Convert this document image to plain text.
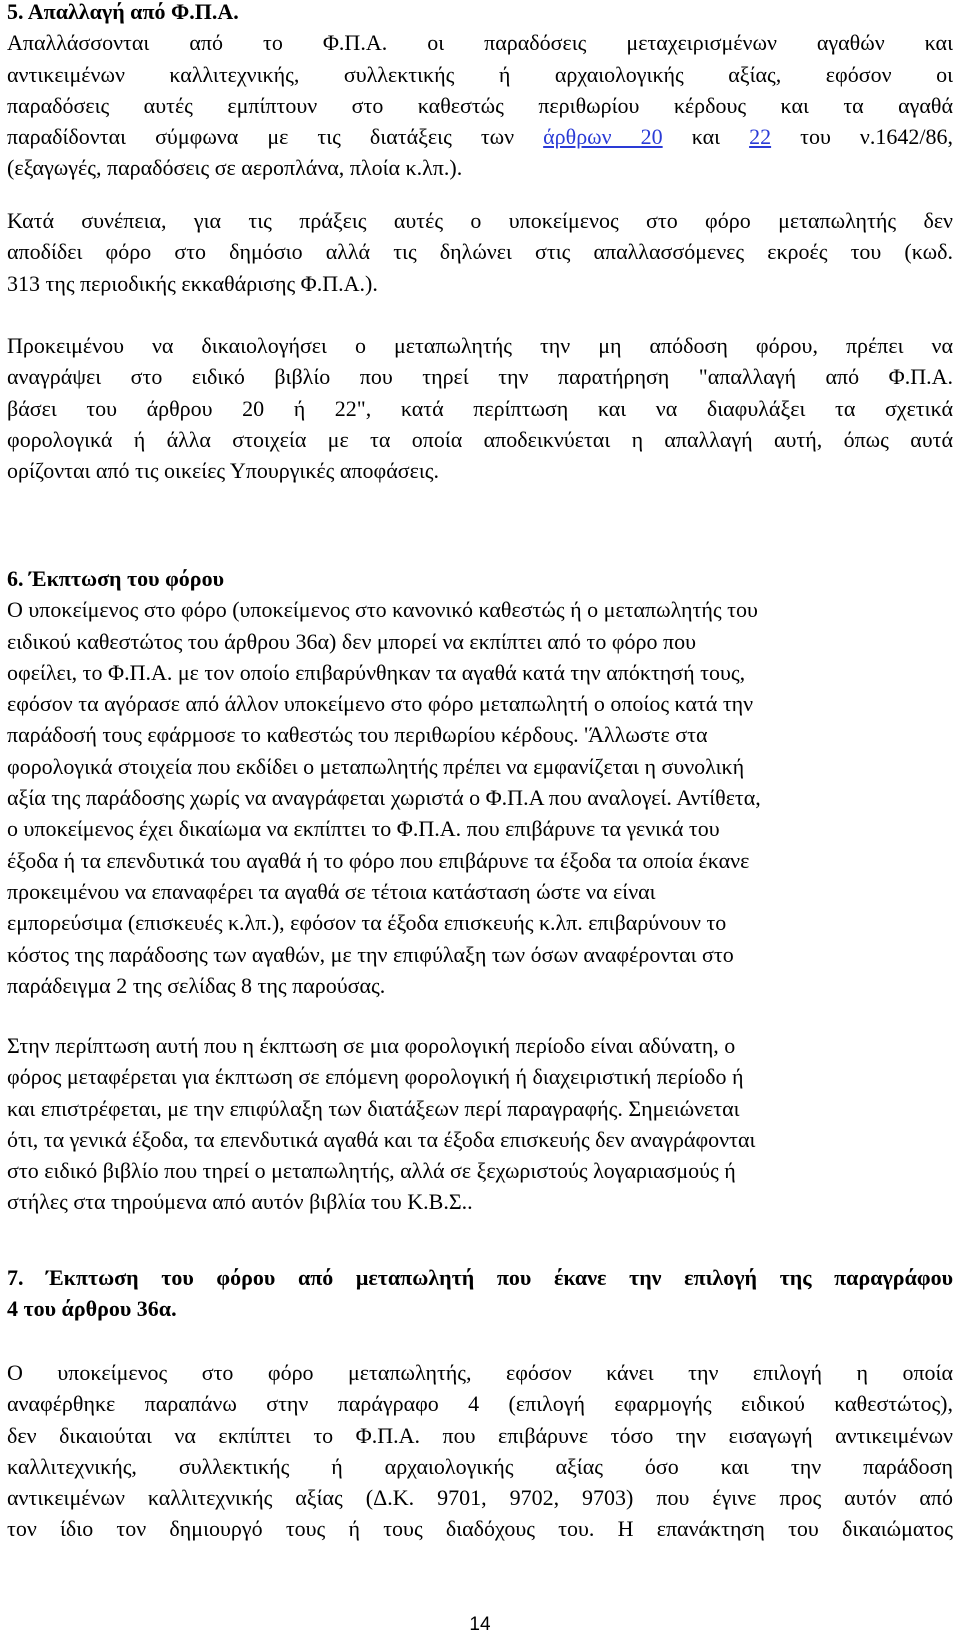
5. Απαλλαγή από Φ.Π.Α.
Απαλλάσσονται από το Φ.Π.Α. οι παραδόσεις μεταχειρισμένων αγαθών και
αντικειμένων καλλιτεχνικής, συλλεκτικής ή αρχαιολογικής αξίας, εφόσον οι
παραδόσεις αυτές εμπίπτουν στο καθεστώς περιθωρίου κέρδους και τα αγαθά
παραδίδονται σύμφωνα με τις διατάξεις των άρθρων 20 και 22 του ν.1642/86,
(εξαγωγές, παραδόσεις σε αεροπλάνα, πλοία κ.λπ.).
Κατά συνέπεια, για τις πράξεις αυτές ο υποκείμενος στο φόρο μεταπωλητής δεν
αποδίδει φόρο στο δημόσιο αλλά τις δηλώνει στις απαλλασσόμενες εκροές του (κωδ.
313 της περιοδικής εκκαθάρισης Φ.Π.Α.).
Προκειμένου να δικαιολογήσει ο μεταπωλητής την μη απόδοση φόρου, πρέπει να
αναγράψει στο ειδικό βιβλίο που τηρεί την παρατήρηση "απαλλαγή από Φ.Π.Α.
βάσει του άρθρου 20 ή 22", κατά περίπτωση και να διαφυλάξει τα σχετικά
φορολογικά ή άλλα στοιχεία με τα οποία αποδεικνύεται η απαλλαγή αυτή, όπως αυτά
ορίζονται από τις οικείες Υπουργικές αποφάσεις.
6. Έκπτωση του φόρου
Ο υποκείμενος στο φόρο (υποκείμενος στο κανονικό καθεστώς ή ο μεταπωλητής του
ειδικού καθεστώτος του άρθρου 36α) δεν μπορεί να εκπίπτει από το φόρο που
οφείλει, το Φ.Π.Α. με τον οποίο επιβαρύνθηκαν τα αγαθά κατά την απόκτησή τους,
εφόσον τα αγόρασε από άλλον υποκείμενο στο φόρο μεταπωλητή ο οποίος κατά την
παράδοσή τους εφάρμοσε το καθεστώς του περιθωρίου κέρδους. 'Άλλωστε στα
φορολογικά στοιχεία που εκδίδει ο μεταπωλητής πρέπει να εμφανίζεται η συνολική
αξία της παράδοσης χωρίς να αναγράφεται χωριστά ο Φ.Π.Α που αναλογεί. Αντίθετα,
ο υποκείμενος έχει δικαίωμα να εκπίπτει το Φ.Π.Α. που επιβάρυνε τα γενικά του
έξοδα ή τα επενδυτικά του αγαθά ή το φόρο που επιβάρυνε τα έξοδα τα οποία έκανε
προκειμένου να επαναφέρει τα αγαθά σε τέτοια κατάσταση ώστε να είναι
εμπορεύσιμα (επισκευές κ.λπ.), εφόσον τα έξοδα επισκευής κ.λπ. επιβαρύνουν το
κόστος της παράδοσης των αγαθών, με την επιφύλαξη των όσων αναφέρονται στο
παράδειγμα 2 της σελίδας 8 της παρούσας.
Στην περίπτωση αυτή που η έκπτωση σε μια φορολογική περίοδο είναι αδύνατη, ο
φόρος μεταφέρεται για έκπτωση σε επόμενη φορολογική ή διαχειριστική περίοδο ή
και επιστρέφεται, με την επιφύλαξη των διατάξεων περί παραγραφής. Σημειώνεται
ότι, τα γενικά έξοδα, τα επενδυτικά αγαθά και τα έξοδα επισκευής δεν αναγράφονται
στο ειδικό βιβλίο που τηρεί ο μεταπωλητής, αλλά σε ξεχωριστούς λογαριασμούς ή
στήλες στα τηρούμενα από αυτόν βιβλία του Κ.Β.Σ..
7. Έκπτωση του φόρου από μεταπωλητή που έκανε την επιλογή της παραγράφου
4 του άρθρου 36α.
Ο υποκείμενος στο φόρο μεταπωλητής, εφόσον κάνει την επιλογή η οποία
αναφέρθηκε παραπάνω στην παράγραφο 4 (επιλογή εφαρμογής ειδικού καθεστώτος),
δεν δικαιούται να εκπίπτει το Φ.Π.Α. που επιβάρυνε τόσο την εισαγωγή αντικειμένων
καλλιτεχνικής, συλλεκτικής ή αρχαιολογικής αξίας όσο και την παράδοση
αντικειμένων καλλιτεχνικής αξίας (Δ.Κ. 9701, 9702, 9703) που έγινε προς αυτόν από
τον ίδιο τον δημιουργό τους ή τους διαδόχους του. Η επανάκτηση του δικαιώματος
14
